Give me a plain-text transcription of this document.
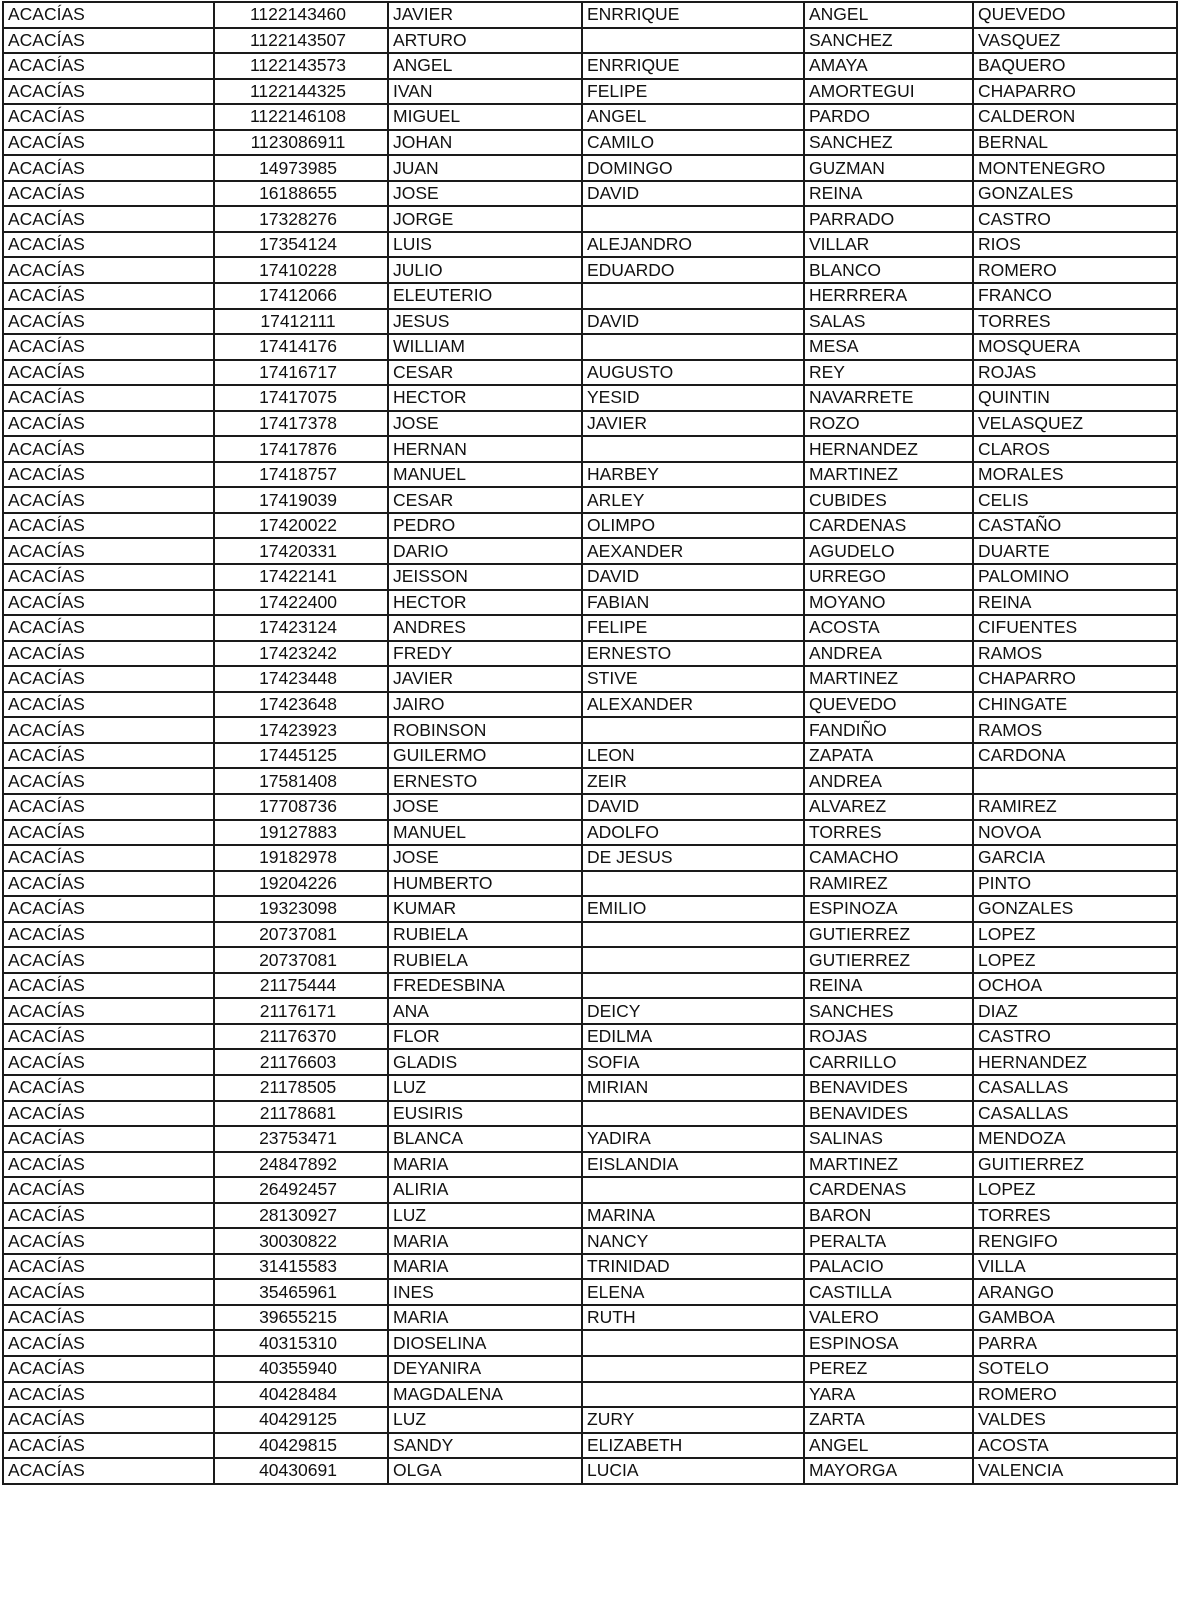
ACACÍAS	1122143460	JAVIER	ENRRIQUE	ANGEL	QUEVEDO
ACACÍAS	1122143507	ARTURO		SANCHEZ	VASQUEZ
ACACÍAS	1122143573	ANGEL	ENRRIQUE	AMAYA	BAQUERO
ACACÍAS	1122144325	IVAN	FELIPE	AMORTEGUI	CHAPARRO
ACACÍAS	1122146108	MIGUEL	ANGEL	PARDO	CALDERON
ACACÍAS	1123086911	JOHAN	CAMILO	SANCHEZ	BERNAL
ACACÍAS	14973985	JUAN	DOMINGO	GUZMAN	MONTENEGRO
ACACÍAS	16188655	JOSE	DAVID	REINA	GONZALES
ACACÍAS	17328276	JORGE		PARRADO	CASTRO
ACACÍAS	17354124	LUIS	ALEJANDRO	VILLAR	RIOS
ACACÍAS	17410228	JULIO	EDUARDO	BLANCO	ROMERO
ACACÍAS	17412066	ELEUTERIO		HERRRERA	FRANCO
ACACÍAS	17412111	JESUS	DAVID	SALAS	TORRES
ACACÍAS	17414176	WILLIAM		MESA	MOSQUERA
ACACÍAS	17416717	CESAR	AUGUSTO	REY	ROJAS
ACACÍAS	17417075	HECTOR	YESID	NAVARRETE	QUINTIN
ACACÍAS	17417378	JOSE	JAVIER	ROZO	VELASQUEZ
ACACÍAS	17417876	HERNAN		HERNANDEZ	CLAROS
ACACÍAS	17418757	MANUEL	HARBEY	MARTINEZ	MORALES
ACACÍAS	17419039	CESAR	ARLEY	CUBIDES	CELIS
ACACÍAS	17420022	PEDRO	OLIMPO	CARDENAS	CASTAÑO
ACACÍAS	17420331	DARIO	AEXANDER	AGUDELO	DUARTE
ACACÍAS	17422141	JEISSON	DAVID	URREGO	PALOMINO
ACACÍAS	17422400	HECTOR	FABIAN	MOYANO	REINA
ACACÍAS	17423124	ANDRES	FELIPE	ACOSTA	CIFUENTES
ACACÍAS	17423242	FREDY	ERNESTO	ANDREA	RAMOS
ACACÍAS	17423448	JAVIER	STIVE	MARTINEZ	CHAPARRO
ACACÍAS	17423648	JAIRO	ALEXANDER	QUEVEDO	CHINGATE
ACACÍAS	17423923	ROBINSON		FANDIÑO	RAMOS
ACACÍAS	17445125	GUILERMO	LEON	ZAPATA	CARDONA
ACACÍAS	17581408	ERNESTO	ZEIR	ANDREA	
ACACÍAS	17708736	JOSE	DAVID	ALVAREZ	RAMIREZ
ACACÍAS	19127883	MANUEL	ADOLFO	TORRES	NOVOA
ACACÍAS	19182978	JOSE	DE JESUS	CAMACHO	GARCIA
ACACÍAS	19204226	HUMBERTO		RAMIREZ	PINTO
ACACÍAS	19323098	KUMAR	EMILIO	ESPINOZA	GONZALES
ACACÍAS	20737081	RUBIELA		GUTIERREZ	LOPEZ
ACACÍAS	20737081	RUBIELA		GUTIERREZ	LOPEZ
ACACÍAS	21175444	FREDESBINA		REINA	OCHOA
ACACÍAS	21176171	ANA	DEICY	SANCHES	DIAZ
ACACÍAS	21176370	FLOR	EDILMA	ROJAS	CASTRO
ACACÍAS	21176603	GLADIS	SOFIA	CARRILLO	HERNANDEZ
ACACÍAS	21178505	LUZ	MIRIAN	BENAVIDES	CASALLAS
ACACÍAS	21178681	EUSIRIS		BENAVIDES	CASALLAS
ACACÍAS	23753471	BLANCA	YADIRA	SALINAS	MENDOZA
ACACÍAS	24847892	MARIA	EISLANDIA	MARTINEZ	GUITIERREZ
ACACÍAS	26492457	ALIRIA		CARDENAS	LOPEZ
ACACÍAS	28130927	LUZ	MARINA	BARON	TORRES
ACACÍAS	30030822	MARIA	NANCY	PERALTA	RENGIFO
ACACÍAS	31415583	MARIA	TRINIDAD	PALACIO	VILLA
ACACÍAS	35465961	INES	ELENA	CASTILLA	ARANGO
ACACÍAS	39655215	MARIA	RUTH	VALERO	GAMBOA
ACACÍAS	40315310	DIOSELINA		ESPINOSA	PARRA
ACACÍAS	40355940	DEYANIRA		PEREZ	SOTELO
ACACÍAS	40428484	MAGDALENA		YARA	ROMERO
ACACÍAS	40429125	LUZ	ZURY	ZARTA	VALDES
ACACÍAS	40429815	SANDY	ELIZABETH	ANGEL	ACOSTA
ACACÍAS	40430691	OLGA	LUCIA	MAYORGA	VALENCIA
